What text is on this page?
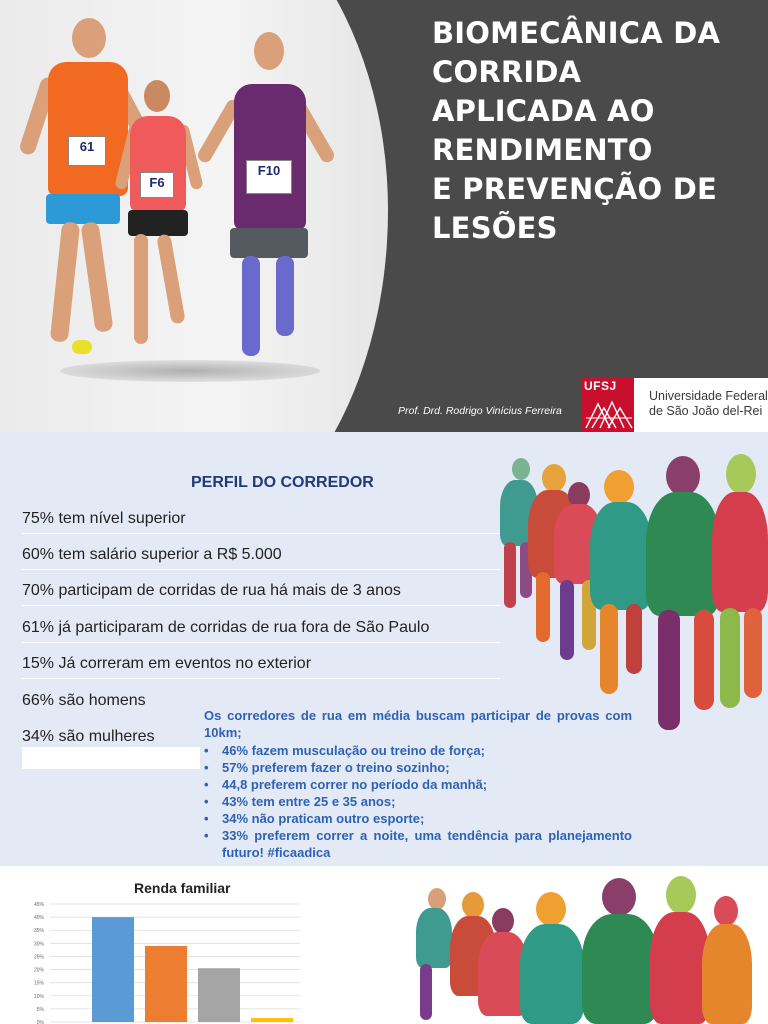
61
F6
F10
BIOMECÂNICA DA
CORRIDA
APLICADA AO
RENDIMENTO
E PREVENÇÃO DE
LESÕES
Prof. Drd. Rodrigo Vinícius Ferreira
UFSJ
Universidade Federal
de São João del-Rei
PERFIL DO CORREDOR
75% tem nível superior
60% tem salário superior a R$ 5.000
70% participam de corridas de rua há mais de 3 anos
61% já participaram de corridas de rua fora de São Paulo
15% Já correram em eventos no exterior
66% são homens
34% são mulheres
Os corredores de rua em média buscam participar de provas com 10km;
• 46% fazem musculação ou treino de força;
• 57% preferem fazer o treino sozinho;
• 44,8 preferem correr no período da manhã;
• 43% tem entre 25 e 35 anos;
• 34% não praticam outro esporte;
• 33% preferem correr a noite, uma tendência para planejamento futuro! #ficaadica
Renda familiar
0%
5%
10%
15%
20%
25%
30%
35%
40%
45%
